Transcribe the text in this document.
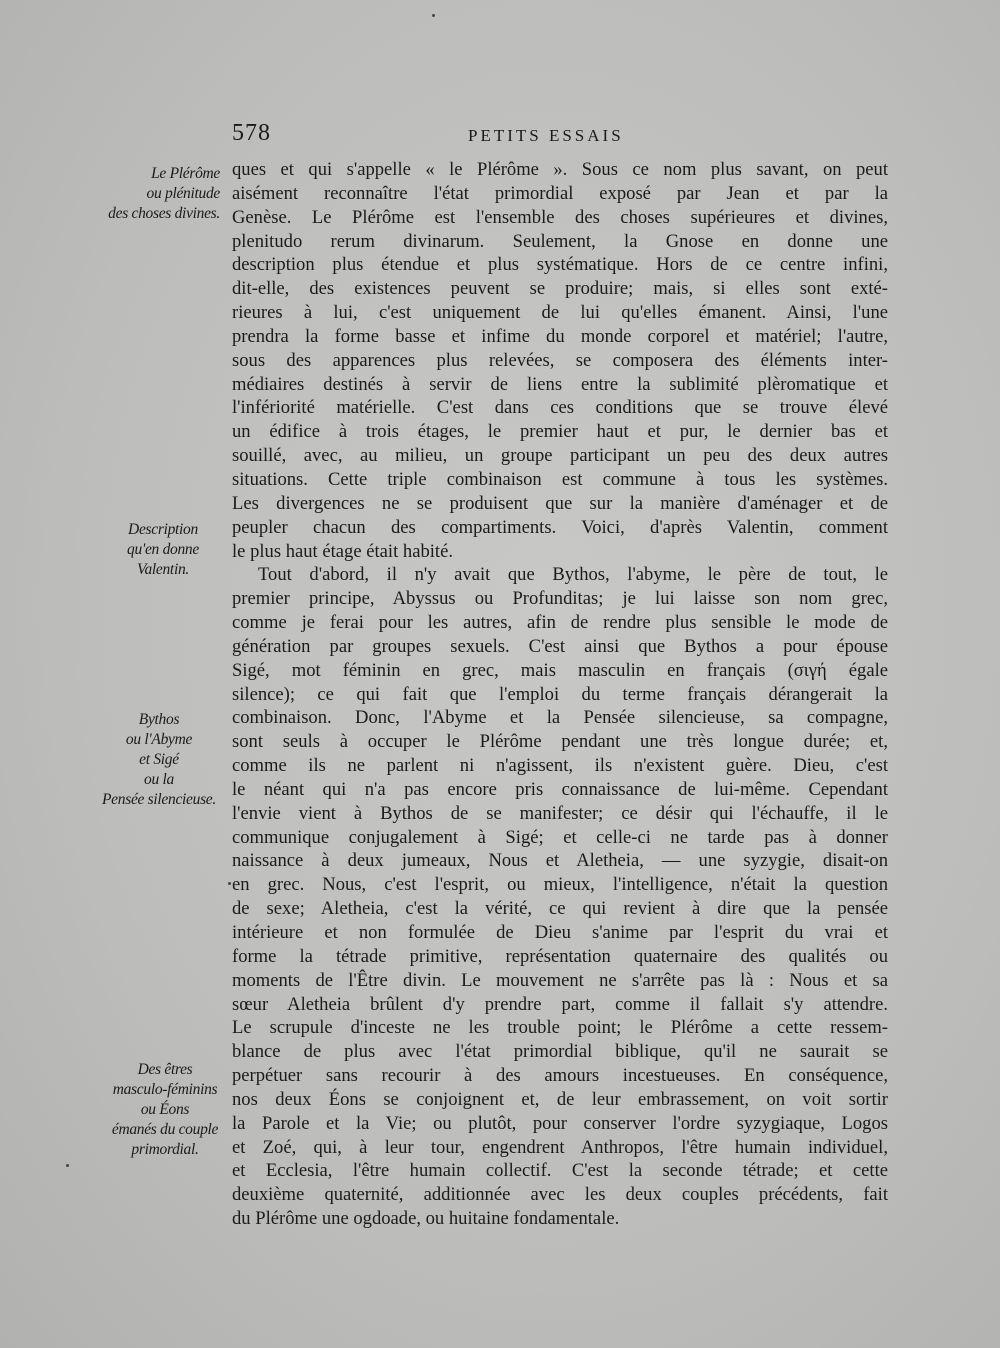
578	PETITS ESSAIS
Le Plérôme
ou plénitude
des choses divines.
Description
qu'en donne
Valentin.
Bythos
ou l'Abyme
et Sigé
ou la
Pensée silencieuse.
Des êtres
masculo-féminins
ou Éons
émanés du couple
primordial.
ques et qui s'appelle « le Plérôme ». Sous ce nom plus savant, on peut
aisément reconnaître l'état primordial exposé par Jean et par la
Genèse. Le Plérôme est l'ensemble des choses supérieures et divines,
plenitudo rerum divinarum. Seulement, la Gnose en donne une
description plus étendue et plus systématique. Hors de ce centre infini,
dit-elle, des existences peuvent se produire; mais, si elles sont exté-
rieures à lui, c'est uniquement de lui qu'elles émanent. Ainsi, l'une
prendra la forme basse et infime du monde corporel et matériel; l'autre,
sous des apparences plus relevées, se composera des éléments inter-
médiaires destinés à servir de liens entre la sublimité plèromatique et
l'infériorité matérielle. C'est dans ces conditions que se trouve élevé
un édifice à trois étages, le premier haut et pur, le dernier bas et
souillé, avec, au milieu, un groupe participant un peu des deux autres
situations. Cette triple combinaison est commune à tous les systèmes.
Les divergences ne se produisent que sur la manière d'aménager et de
peupler chacun des compartiments. Voici, d'après Valentin, comment
le plus haut étage était habité.
Tout d'abord, il n'y avait que Bythos, l'abyme, le père de tout, le
premier principe, Abyssus ou Profunditas; je lui laisse son nom grec,
comme je ferai pour les autres, afin de rendre plus sensible le mode de
génération par groupes sexuels. C'est ainsi que Bythos a pour épouse
Sigé, mot féminin en grec, mais masculin en français (σιγή égale
silence); ce qui fait que l'emploi du terme français dérangerait la
combinaison. Donc, l'Abyme et la Pensée silencieuse, sa compagne,
sont seuls à occuper le Plérôme pendant une très longue durée; et,
comme ils ne parlent ni n'agissent, ils n'existent guère. Dieu, c'est
le néant qui n'a pas encore pris connaissance de lui-même. Cependant
l'envie vient à Bythos de se manifester; ce désir qui l'échauffe, il le
communique conjugalement à Sigé; et celle-ci ne tarde pas à donner
naissance à deux jumeaux, Nous et Aletheia, — une syzygie, disait-on
en grec. Nous, c'est l'esprit, ou mieux, l'intelligence, n'était la question
de sexe; Aletheia, c'est la vérité, ce qui revient à dire que la pensée
intérieure et non formulée de Dieu s'anime par l'esprit du vrai et
forme la tétrade primitive, représentation quaternaire des qualités ou
moments de l'Être divin. Le mouvement ne s'arrête pas là : Nous et sa
sœur Aletheia brûlent d'y prendre part, comme il fallait s'y attendre.
Le scrupule d'inceste ne les trouble point; le Plérôme a cette ressem-
blance de plus avec l'état primordial biblique, qu'il ne saurait se
perpétuer sans recourir à des amours incestueuses. En conséquence,
nos deux Éons se conjoignent et, de leur embrassement, on voit sortir
la Parole et la Vie; ou plutôt, pour conserver l'ordre syzygiaque, Logos
et Zoé, qui, à leur tour, engendrent Anthropos, l'être humain individuel,
et Ecclesia, l'être humain collectif. C'est la seconde tétrade; et cette
deuxième quaternité, additionnée avec les deux couples précédents, fait
du Plérôme une ogdoade, ou huitaine fondamentale.
